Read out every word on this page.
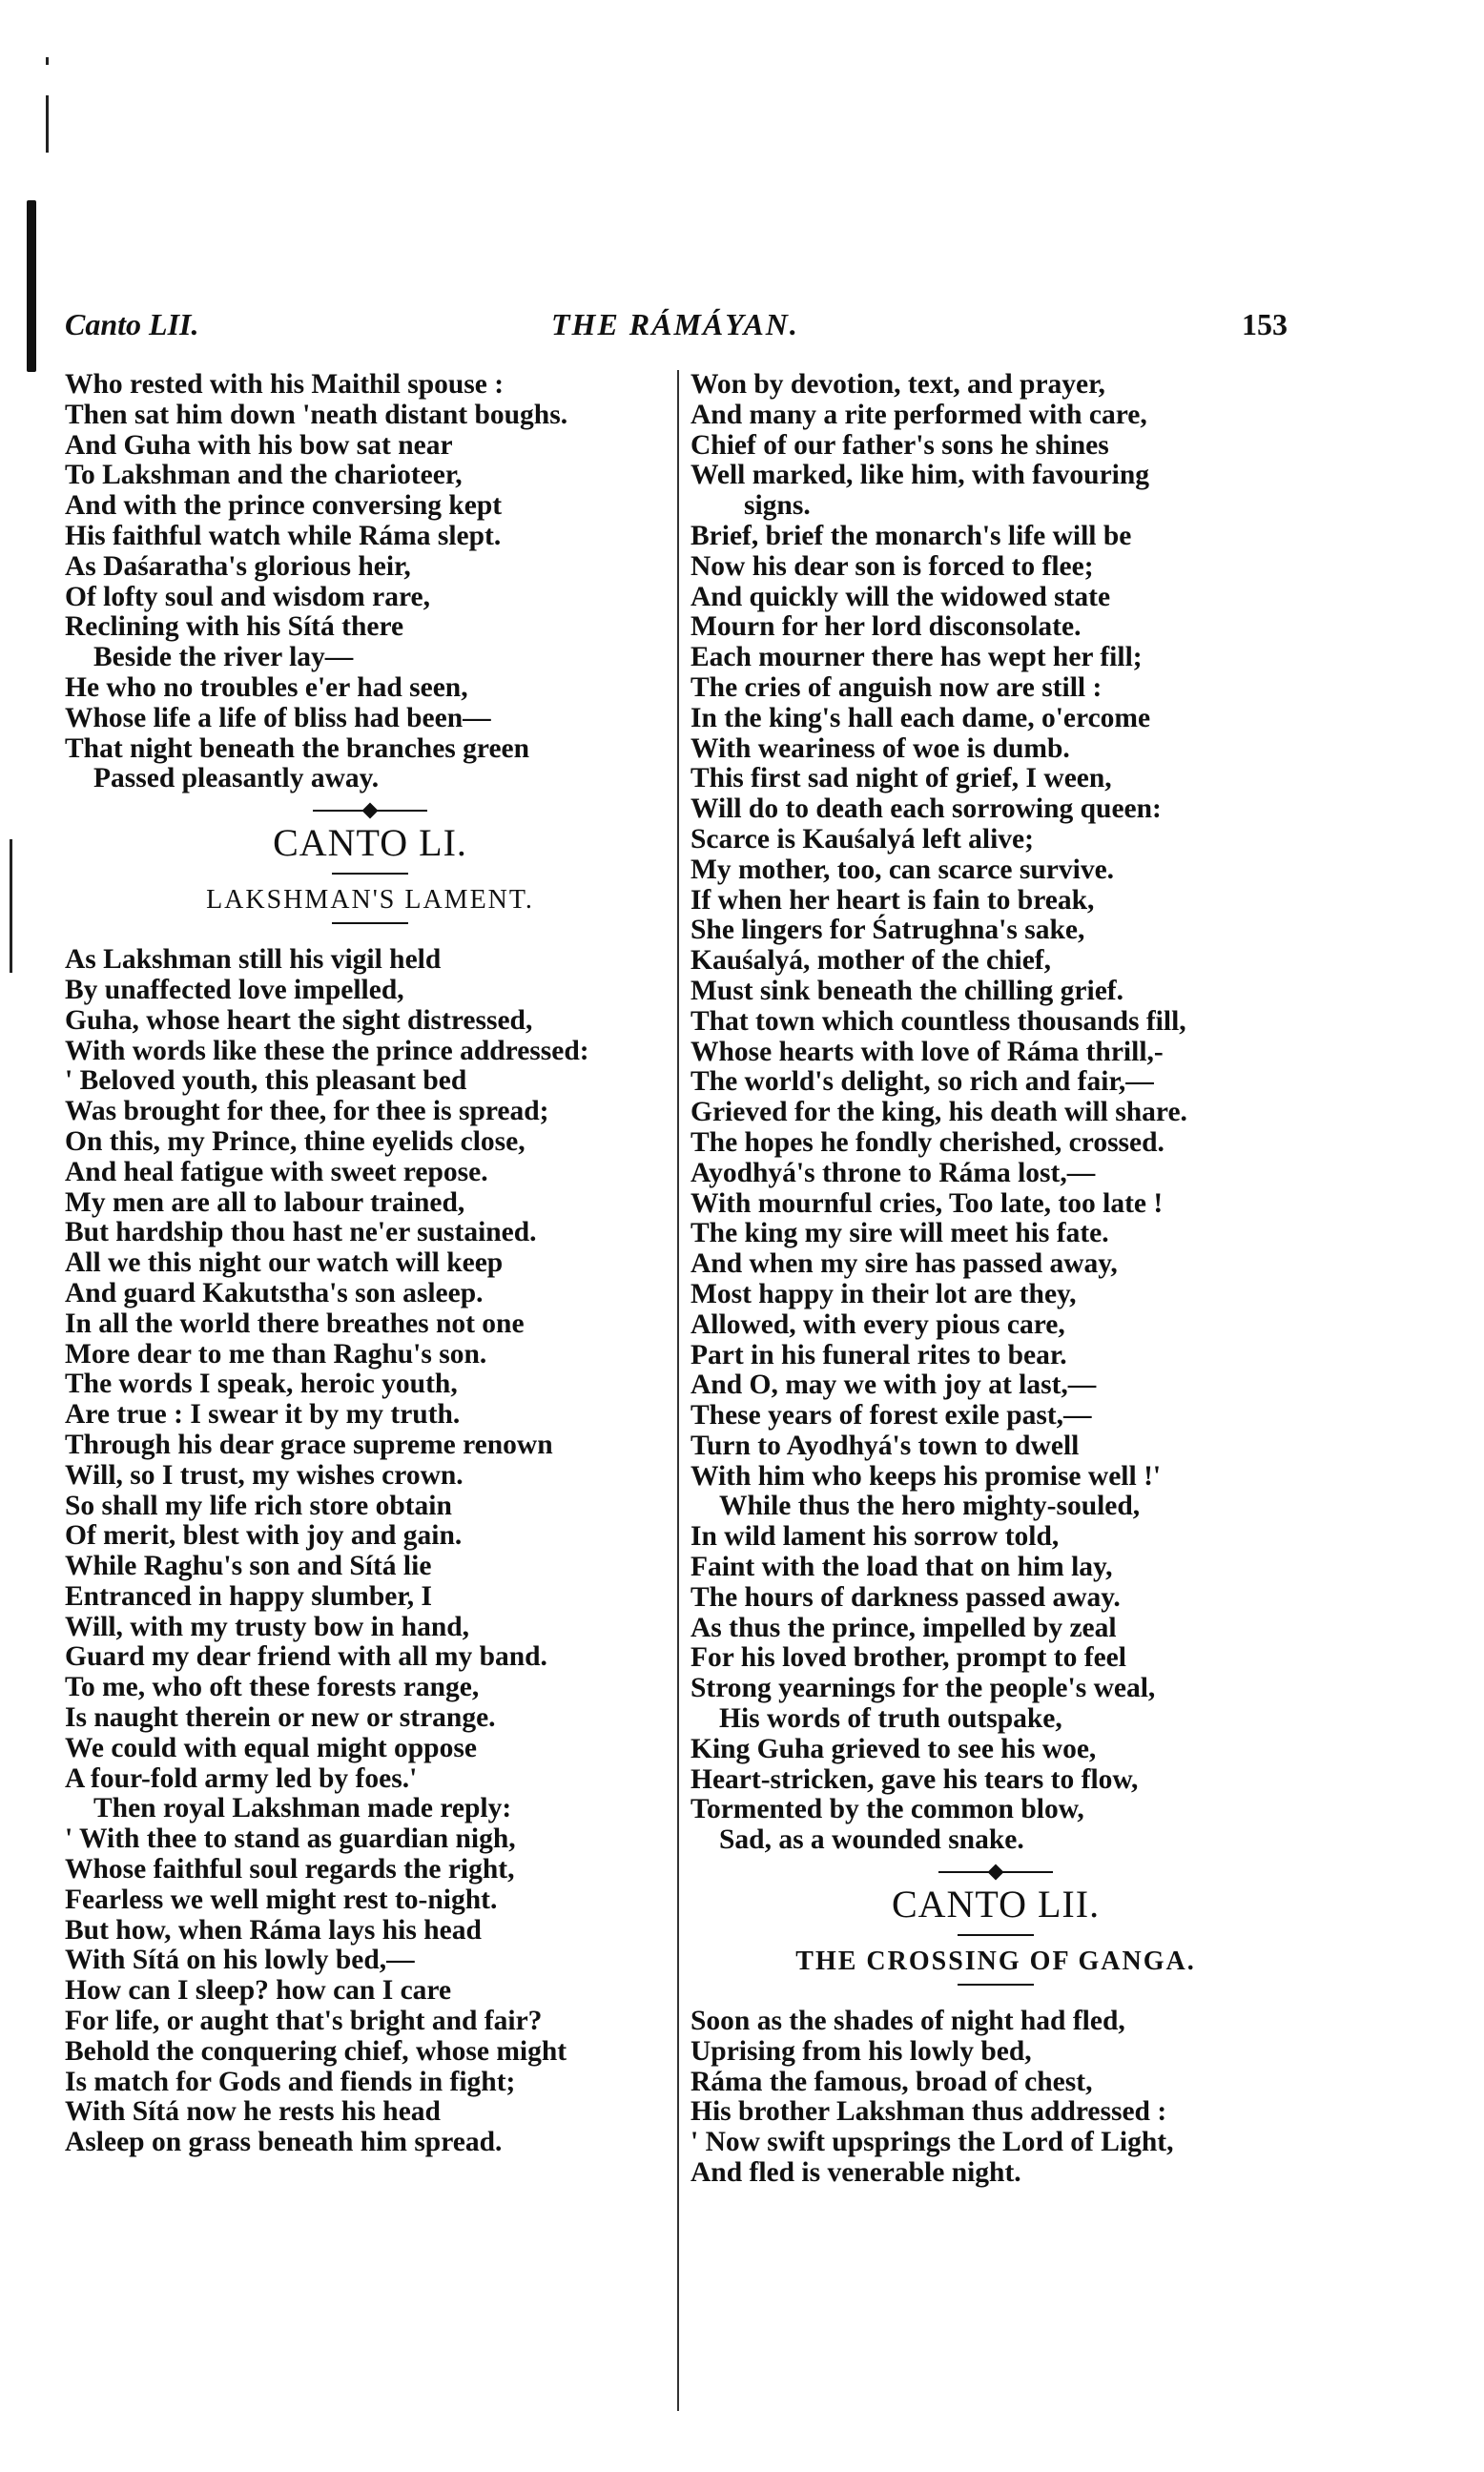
Canto LII.	THE RÁMÁYAN.	153
Who rested with his Maithil spouse :
Then sat him down 'neath distant boughs.
And Guha with his bow sat near
To Lakshman and the charioteer,
And with the prince conversing kept
His faithful watch while Ráma slept.
As Daśaratha's glorious heir,
Of lofty soul and wisdom rare,
Reclining with his Sítá there
Beside the river lay—
He who no troubles e'er had seen,
Whose life a life of bliss had been—
That night beneath the branches green
Passed pleasantly away.
CANTO LI.
LAKSHMAN'S LAMENT.
As Lakshman still his vigil held
By unaffected love impelled,
Guha, whose heart the sight distressed,
With words like these the prince addressed:
' Beloved youth, this pleasant bed
Was brought for thee, for thee is spread;
On this, my Prince, thine eyelids close,
And heal fatigue with sweet repose.
My men are all to labour trained,
But hardship thou hast ne'er sustained.
All we this night our watch will keep
And guard Kakutstha's son asleep.
In all the world there breathes not one
More dear to me than Raghu's son.
The words I speak, heroic youth,
Are true : I swear it by my truth.
Through his dear grace supreme renown
Will, so I trust, my wishes crown.
So shall my life rich store obtain
Of merit, blest with joy and gain.
While Raghu's son and Sítá lie
Entranced in happy slumber, I
Will, with my trusty bow in hand,
Guard my dear friend with all my band.
To me, who oft these forests range,
Is naught therein or new or strange.
We could with equal might oppose
A four-fold army led by foes.'
Then royal Lakshman made reply:
' With thee to stand as guardian nigh,
Whose faithful soul regards the right,
Fearless we well might rest to-night.
But how, when Ráma lays his head
With Sítá on his lowly bed,—
How can I sleep? how can I care
For life, or aught that's bright and fair?
Behold the conquering chief, whose might
Is match for Gods and fiends in fight;
With Sítá now he rests his head
Asleep on grass beneath him spread.
Won by devotion, text, and prayer,
And many a rite performed with care,
Chief of our father's sons he shines
Well marked, like him, with favouring
signs.
Brief, brief the monarch's life will be
Now his dear son is forced to flee;
And quickly will the widowed state
Mourn for her lord disconsolate.
Each mourner there has wept her fill;
The cries of anguish now are still :
In the king's hall each dame, o'ercome
With weariness of woe is dumb.
This first sad night of grief, I ween,
Will do to death each sorrowing queen:
Scarce is Kauśalyá left alive;
My mother, too, can scarce survive.
If when her heart is fain to break,
She lingers for Śatrughna's sake,
Kauśalyá, mother of the chief,
Must sink beneath the chilling grief.
That town which countless thousands fill,
Whose hearts with love of Ráma thrill,-
The world's delight, so rich and fair,—
Grieved for the king, his death will share.
The hopes he fondly cherished, crossed.
Ayodhyá's throne to Ráma lost,—
With mournful cries, Too late, too late !
The king my sire will meet his fate.
And when my sire has passed away,
Most happy in their lot are they,
Allowed, with every pious care,
Part in his funeral rites to bear.
And O, may we with joy at last,—
These years of forest exile past,—
Turn to Ayodhyá's town to dwell
With him who keeps his promise well !'
While thus the hero mighty-souled,
In wild lament his sorrow told,
Faint with the load that on him lay,
The hours of darkness passed away.
As thus the prince, impelled by zeal
For his loved brother, prompt to feel
Strong yearnings for the people's weal,
His words of truth outspake,
King Guha grieved to see his woe,
Heart-stricken, gave his tears to flow,
Tormented by the common blow,
Sad, as a wounded snake.
CANTO LII.
THE CROSSING OF GANGA.
Soon as the shades of night had fled,
Uprising from his lowly bed,
Ráma the famous, broad of chest,
His brother Lakshman thus addressed :
' Now swift upsprings the Lord of Light,
And fled is venerable night.
